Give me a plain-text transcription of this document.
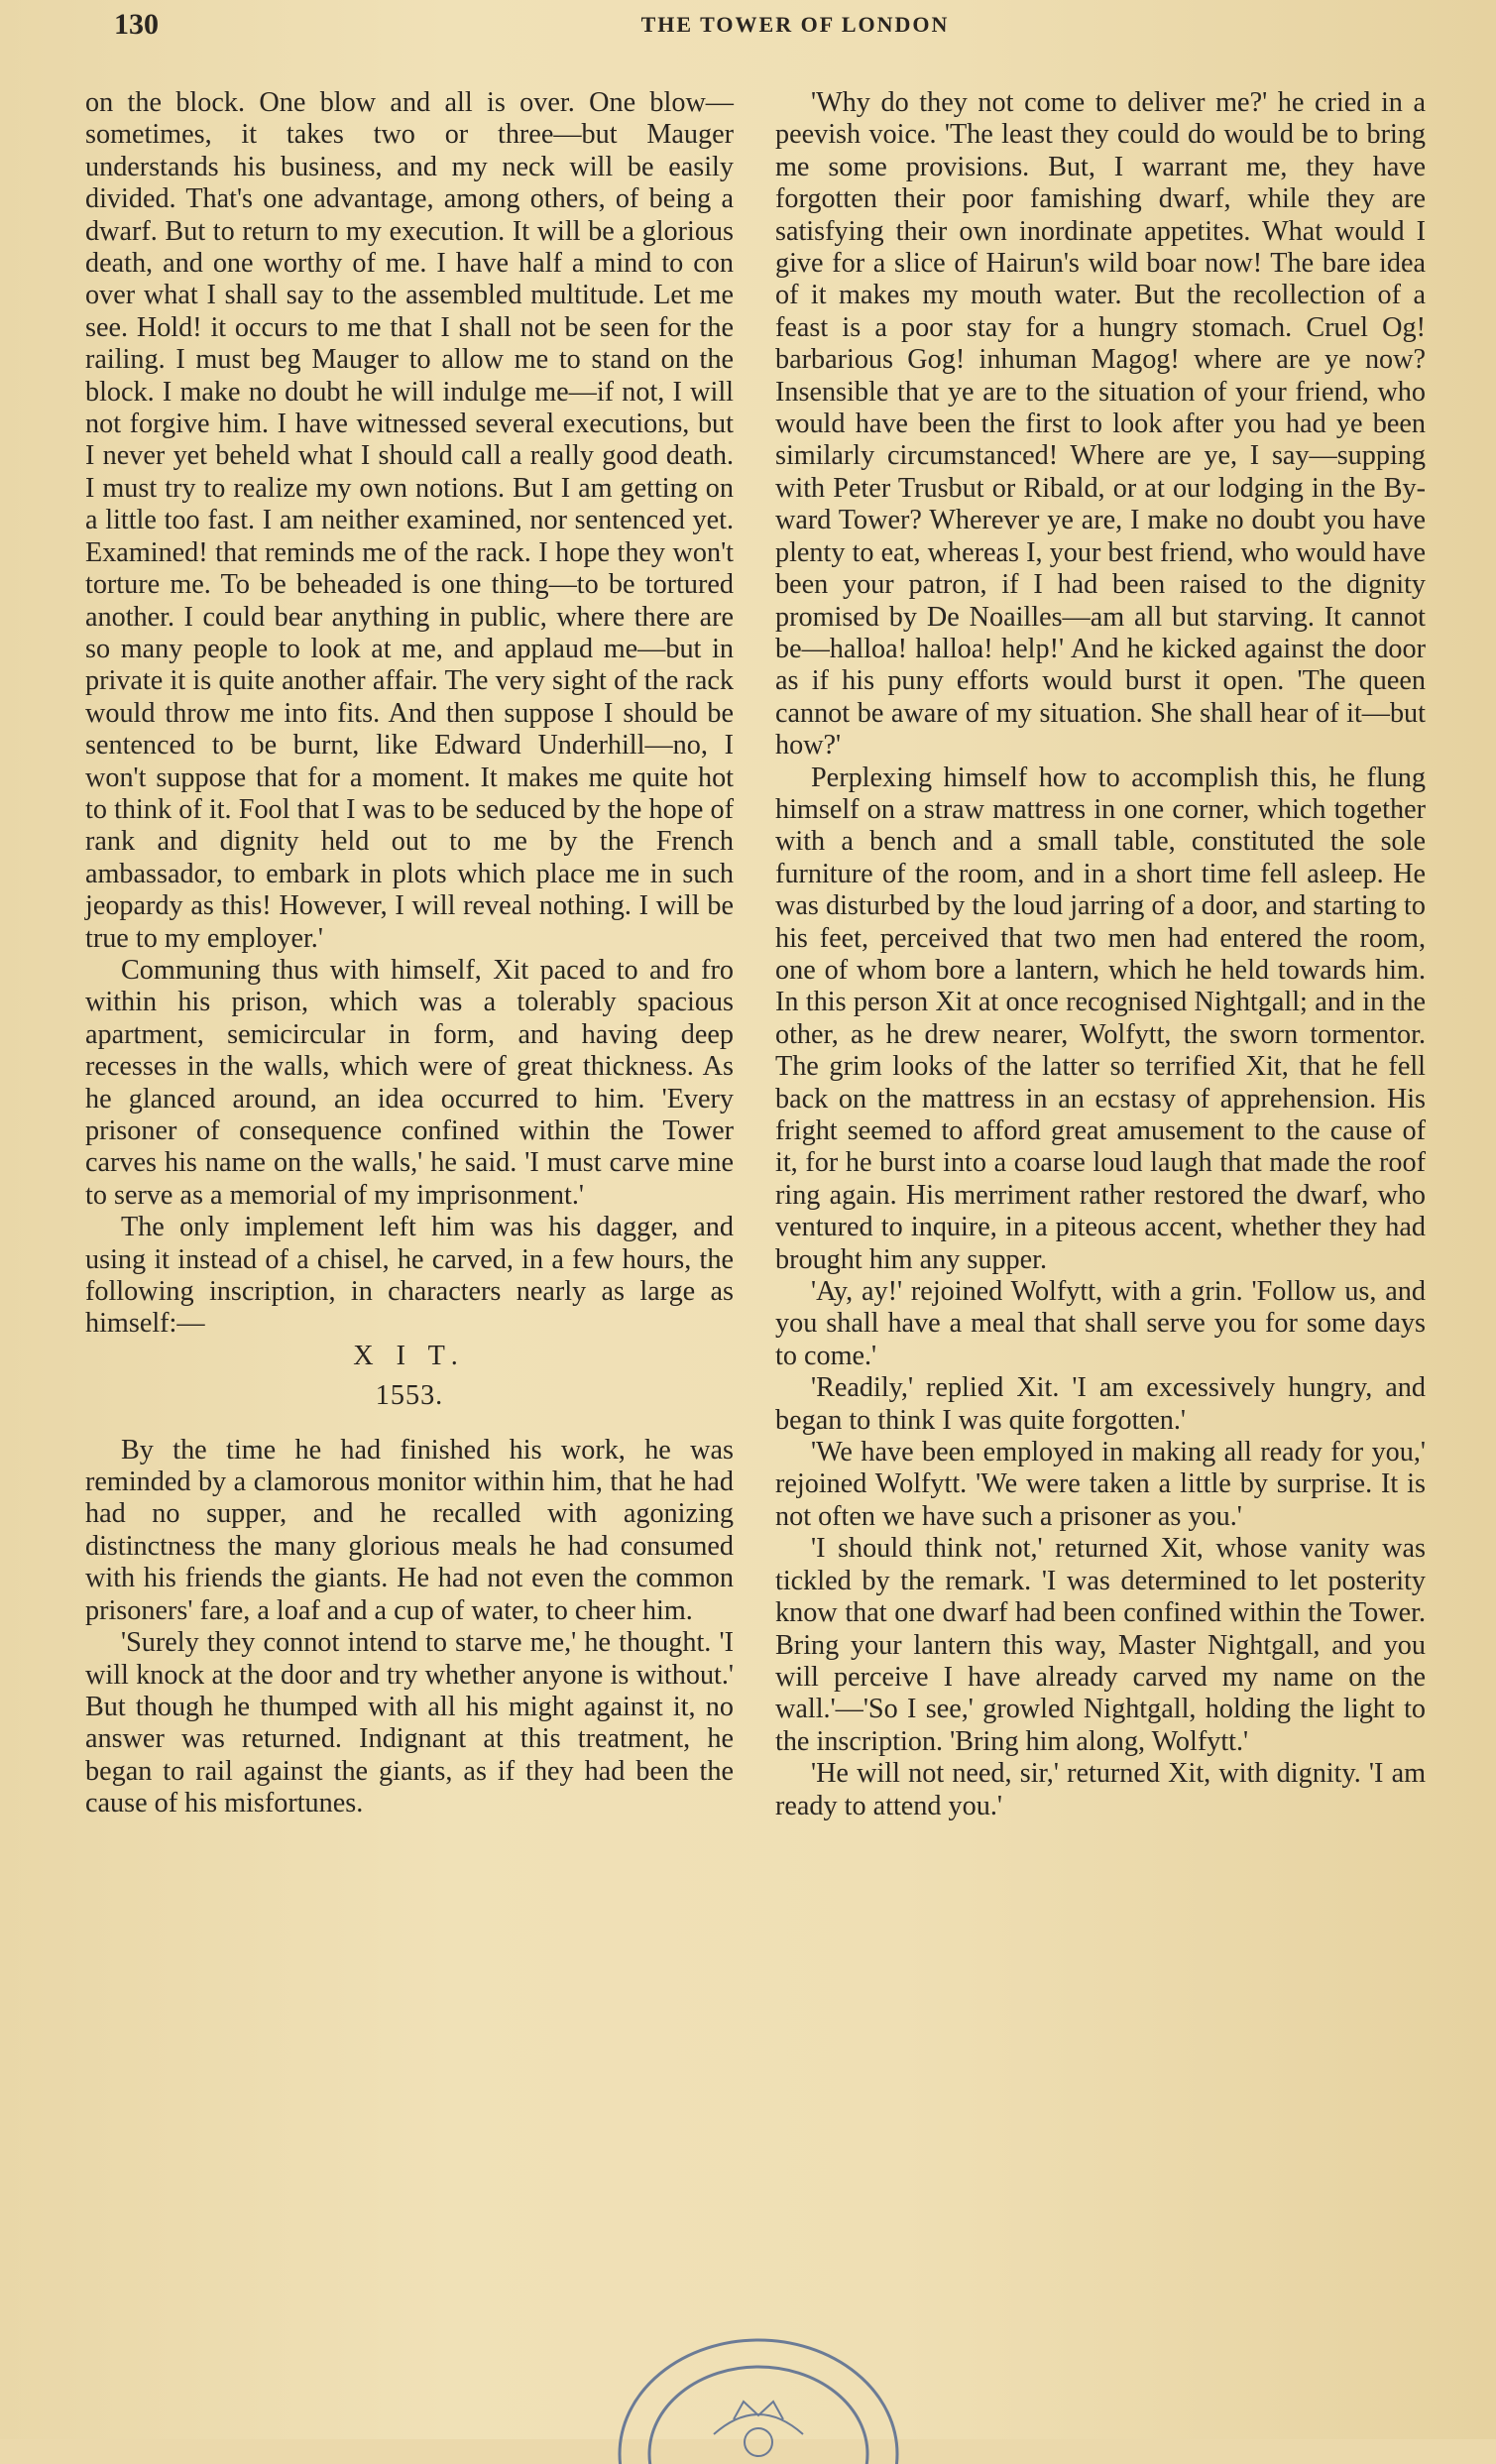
130	THE TOWER OF LONDON

on the block. One blow and all is over. One blow—sometimes, it takes two or three—but Mauger understands his business, and my neck will be easily divided. That's one advantage, among others, of being a dwarf. But to return to my execution. It will be a glorious death, and one worthy of me. I have half a mind to con over what I shall say to the assembled multitude. Let me see. Hold! it occurs to me that I shall not be seen for the railing. I must beg Mauger to allow me to stand on the block. I make no doubt he will indulge me—if not, I will not forgive him. I have witnessed several executions, but I never yet beheld what I should call a really good death. I must try to realize my own notions. But I am getting on a little too fast. I am neither examined, nor sentenced yet. Examined! that reminds me of the rack. I hope they won't torture me. To be beheaded is one thing—to be tortured another. I could bear anything in public, where there are so many people to look at me, and applaud me—but in private it is quite another affair. The very sight of the rack would throw me into fits. And then suppose I should be sentenced to be burnt, like Edward Underhill—no, I won't suppose that for a moment. It makes me quite hot to think of it. Fool that I was to be seduced by the hope of rank and dignity held out to me by the French ambassador, to embark in plots which place me in such jeopardy as this! However, I will reveal nothing. I will be true to my employer.'

Communing thus with himself, Xit paced to and fro within his prison, which was a tolerably spacious apartment, semicircular in form, and having deep recesses in the walls, which were of great thickness. As he glanced around, an idea occurred to him. 'Every prisoner of consequence confined within the Tower carves his name on the walls,' he said. 'I must carve mine to serve as a memorial of my imprisonment.'

The only implement left him was his dagger, and using it instead of a chisel, he carved, in a few hours, the following inscription, in characters nearly as large as himself:—

X I T.

1553.

By the time he had finished his work, he was reminded by a clamorous monitor within him, that he had had no supper, and he recalled with agonizing distinctness the many glorious meals he had consumed with his friends the giants. He had not even the common prisoners' fare, a loaf and a cup of water, to cheer him.

'Surely they connot intend to starve me,' he thought. 'I will knock at the door and try whether anyone is without.' But though he thumped with all his might against it, no answer was returned. Indignant at this treatment, he began to rail against the giants, as if they had been the cause of his misfortunes.

'Why do they not come to deliver me?' he cried in a peevish voice. 'The least they could do would be to bring me some provisions. But, I warrant me, they have forgotten their poor famishing dwarf, while they are satisfying their own inordinate appetites. What would I give for a slice of Hairun's wild boar now! The bare idea of it makes my mouth water. But the recollection of a feast is a poor stay for a hungry stomach. Cruel Og! barbarious Gog! inhuman Magog! where are ye now? Insensible that ye are to the situation of your friend, who would have been the first to look after you had ye been similarly circumstanced! Where are ye, I say—supping with Peter Trusbut or Ribald, or at our lodging in the By-ward Tower? Wherever ye are, I make no doubt you have plenty to eat, whereas I, your best friend, who would have been your patron, if I had been raised to the dignity promised by De Noailles—am all but starving. It cannot be—halloa! halloa! help!' And he kicked against the door as if his puny efforts would burst it open. 'The queen cannot be aware of my situation. She shall hear of it—but how?'

Perplexing himself how to accomplish this, he flung himself on a straw mattress in one corner, which together with a bench and a small table, constituted the sole furniture of the room, and in a short time fell asleep. He was disturbed by the loud jarring of a door, and starting to his feet, perceived that two men had entered the room, one of whom bore a lantern, which he held towards him. In this person Xit at once recognised Nightgall; and in the other, as he drew nearer, Wolfytt, the sworn tormentor. The grim looks of the latter so terrified Xit, that he fell back on the mattress in an ecstasy of apprehension. His fright seemed to afford great amusement to the cause of it, for he burst into a coarse loud laugh that made the roof ring again. His merriment rather restored the dwarf, who ventured to inquire, in a piteous accent, whether they had brought him any supper.

'Ay, ay!' rejoined Wolfytt, with a grin. 'Follow us, and you shall have a meal that shall serve you for some days to come.'

'Readily,' replied Xit. 'I am excessively hungry, and began to think I was quite forgotten.'

'We have been employed in making all ready for you,' rejoined Wolfytt. 'We were taken a little by surprise. It is not often we have such a prisoner as you.'

'I should think not,' returned Xit, whose vanity was tickled by the remark. 'I was determined to let posterity know that one dwarf had been confined within the Tower. Bring your lantern this way, Master Nightgall, and you will perceive I have already carved my name on the wall.'—'So I see,' growled Nightgall, holding the light to the inscription. 'Bring him along, Wolfytt.'

'He will not need, sir,' returned Xit, with dignity. 'I am ready to attend you.'
